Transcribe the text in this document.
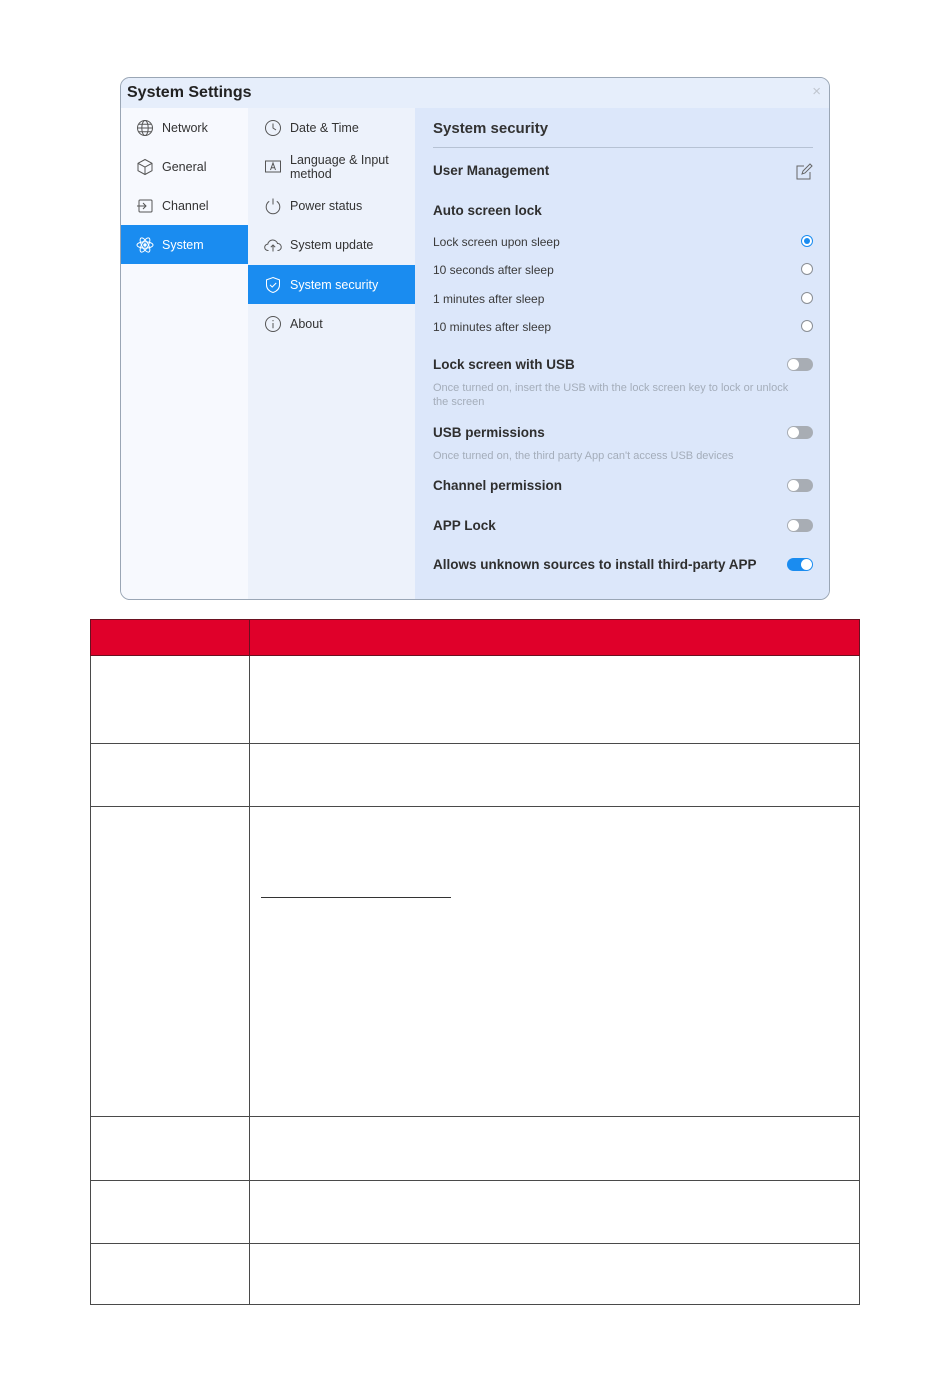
System Settings	×
Network
General
Channel
System
Date & Time
Language & Input method
Power status
System update
System security
About
System security
User Management
Auto screen lock
Lock screen upon sleep
10 seconds after sleep
1 minutes after sleep
10 minutes after sleep
Lock screen with USB
Once turned on, insert the USB with the lock screen key to lock or unlock the screen
USB permissions
Once turned on, the third party App can't access USB devices
Channel permission
APP Lock
Allows unknown sources to install third-party APP
